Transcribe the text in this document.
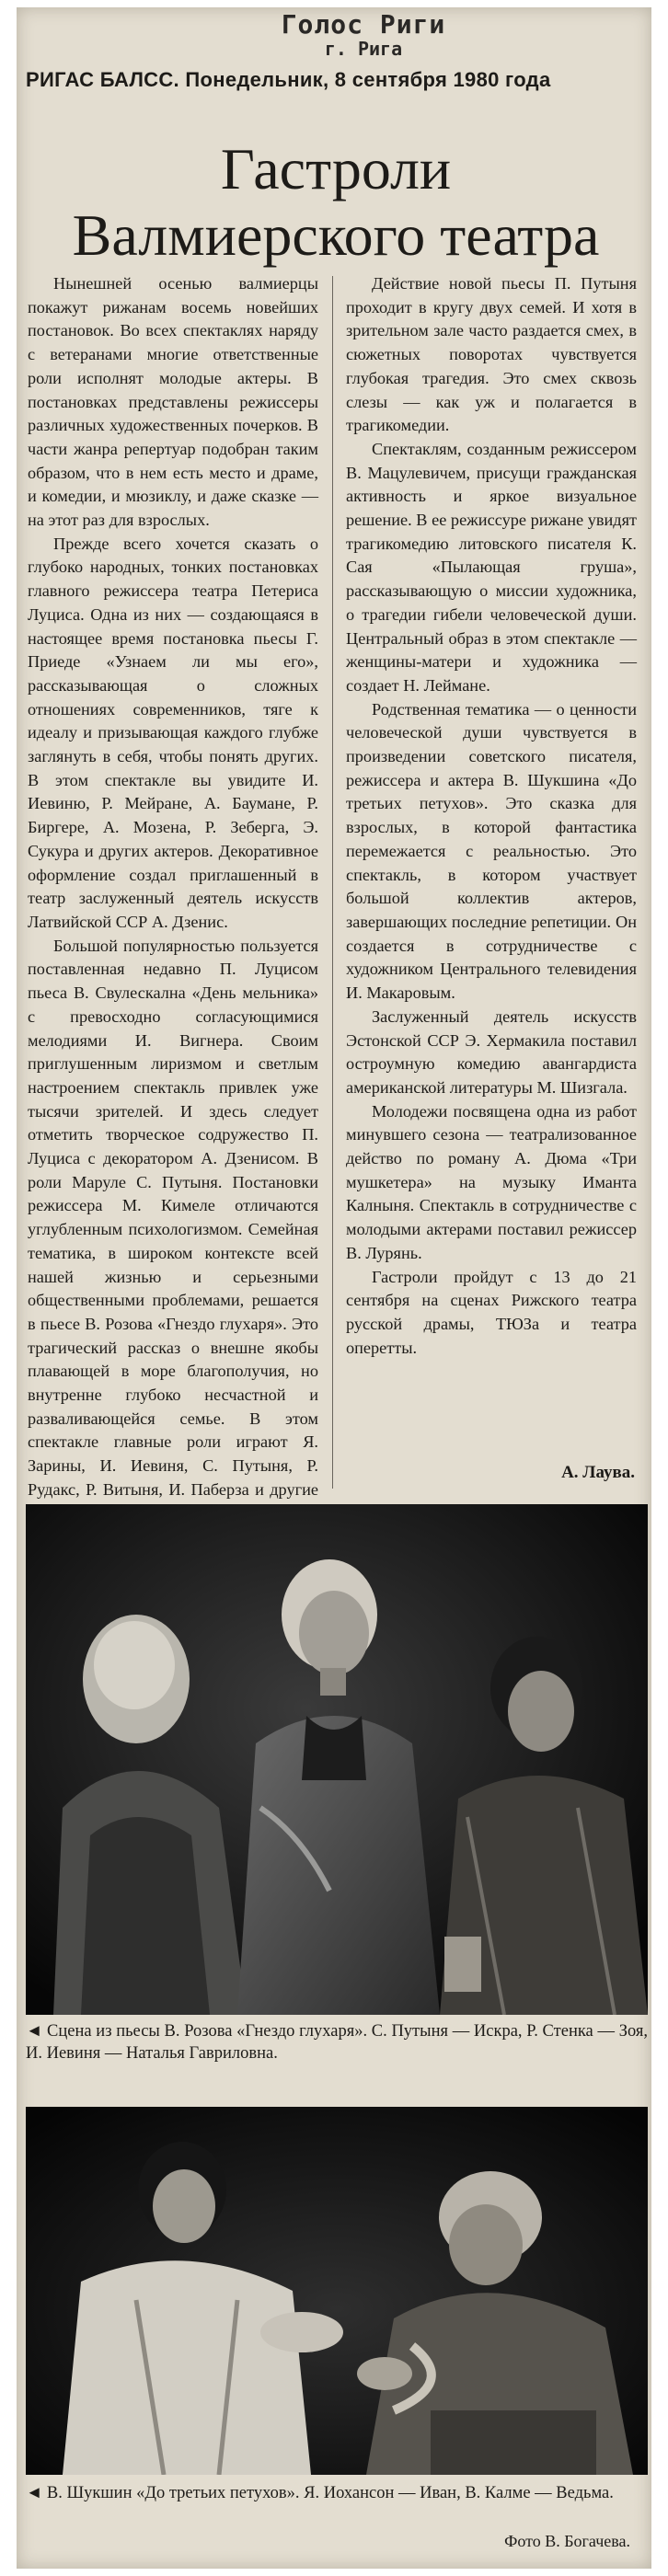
Голос Риги
г. Рига
РИГАС БАЛСС. Понедельник, 8 сентября 1980 года
Гастроли
Валмиерского театра

Нынешней осенью валмиерцы покажут рижанам восемь новейших постановок. Во всех спектаклях наряду с ветеранами многие ответственные роли исполнят молодые актеры. В постановках представлены режиссеры различных художественных почерков. В части жанра репертуар подобран таким образом, что в нем есть место и драме, и комедии, и мюзиклу, и даже сказке — на этот раз для взрослых.

Прежде всего хочется сказать о глубоко народных, тонких постановках главного режиссера театра Петериса Луциса. Одна из них — создающаяся в настоящее время постановка пьесы Г. Приеде «Узнаем ли мы его», рассказывающая о сложных отношениях современников, тяге к идеалу и призывающая каждого глубже заглянуть в себя, чтобы понять других. В этом спектакле вы увидите И. Иевиню, Р. Мейране, А. Баумане, Р. Биргере, А. Мозена, Р. Зеберга, Э. Сукура и других актеров. Декоративное оформление создал приглашенный в театр заслуженный деятель искусств Латвийской ССР А. Дзенис.

Большой популярностью пользуется поставленная недавно П. Луцисом пьеса В. Свулескална «День мельника» с превосходно согласующимися мелодиями И. Вигнера. Своим приглушенным лиризмом и светлым настроением спектакль привлек уже тысячи зрителей. И здесь следует отметить творческое содружество П. Луциса с декоратором А. Дзенисом. В роли Маруле С. Путыня. Постановки режиссера М. Кимеле отличаются углубленным психологизмом. Семейная тематика, в широком контексте всей нашей жизнью и серьезными общественными проблемами, решается в пьесе В. Розова «Гнездо глухаря». Это трагический рассказ о внешне якобы плавающей в море благополучия, но внутренне глубоко несчастной и разваливающейся семье. В этом спектакле главные роли играют Я. Зарины, И. Иевиня, С. Путыня, Р. Рудакс, Р. Витыня, И. Паберза и другие

Действие новой пьесы П. Путыня проходит в кругу двух семей. И хотя в зрительном зале часто раздается смех, в сюжетных поворотах чувствуется глубокая трагедия. Это смех сквозь слезы — как уж и полагается в трагикомедии.

Спектаклям, созданным режиссером В. Мацулевичем, присущи гражданская активность и яркое визуальное решение. В ее режиссуре рижане увидят трагикомедию литовского писателя К. Сая «Пылающая груша», рассказывающую о миссии художника, о трагедии гибели человеческой души. Центральный образ в этом спектакле — женщины-матери и художника — создает Н. Леймане.

Родственная тематика — о ценности человеческой души чувствуется в произведении советского писателя, режиссера и актера В. Шукшина «До третьих петухов». Это сказка для взрослых, в которой фантастика перемежается с реальностью. Это спектакль, в котором участвует большой коллектив актеров, завершающих последние репетиции. Он создается в сотрудничестве с художником Центрального телевидения И. Макаровым.

Заслуженный деятель искусств Эстонской ССР Э. Хермакила поставил остроумную комедию авангардиста американской литературы М. Шизгала.

Молодежи посвящена одна из работ минувшего сезона — театрализованное действо по роману А. Дюма «Три мушкетера» на музыку Иманта Калныня. Спектакль в сотрудничестве с молодыми актерами поставил режиссер В. Лурянь.

Гастроли пройдут с 13 до 21 сентября на сценах Рижского театра русской драмы, ТЮЗа и театра оперетты.

А. Лаува.
◄ Сцена из пьесы В. Розова «Гнездо глухаря». С. Путыня — Искра, Р. Стенка — Зоя, И. Иевиня — Наталья Гавриловна.
◄ В. Шукшин «До третьих петухов». Я. Иохансон — Иван, В. Калме — Ведьма.
Фото В. Богачева.
